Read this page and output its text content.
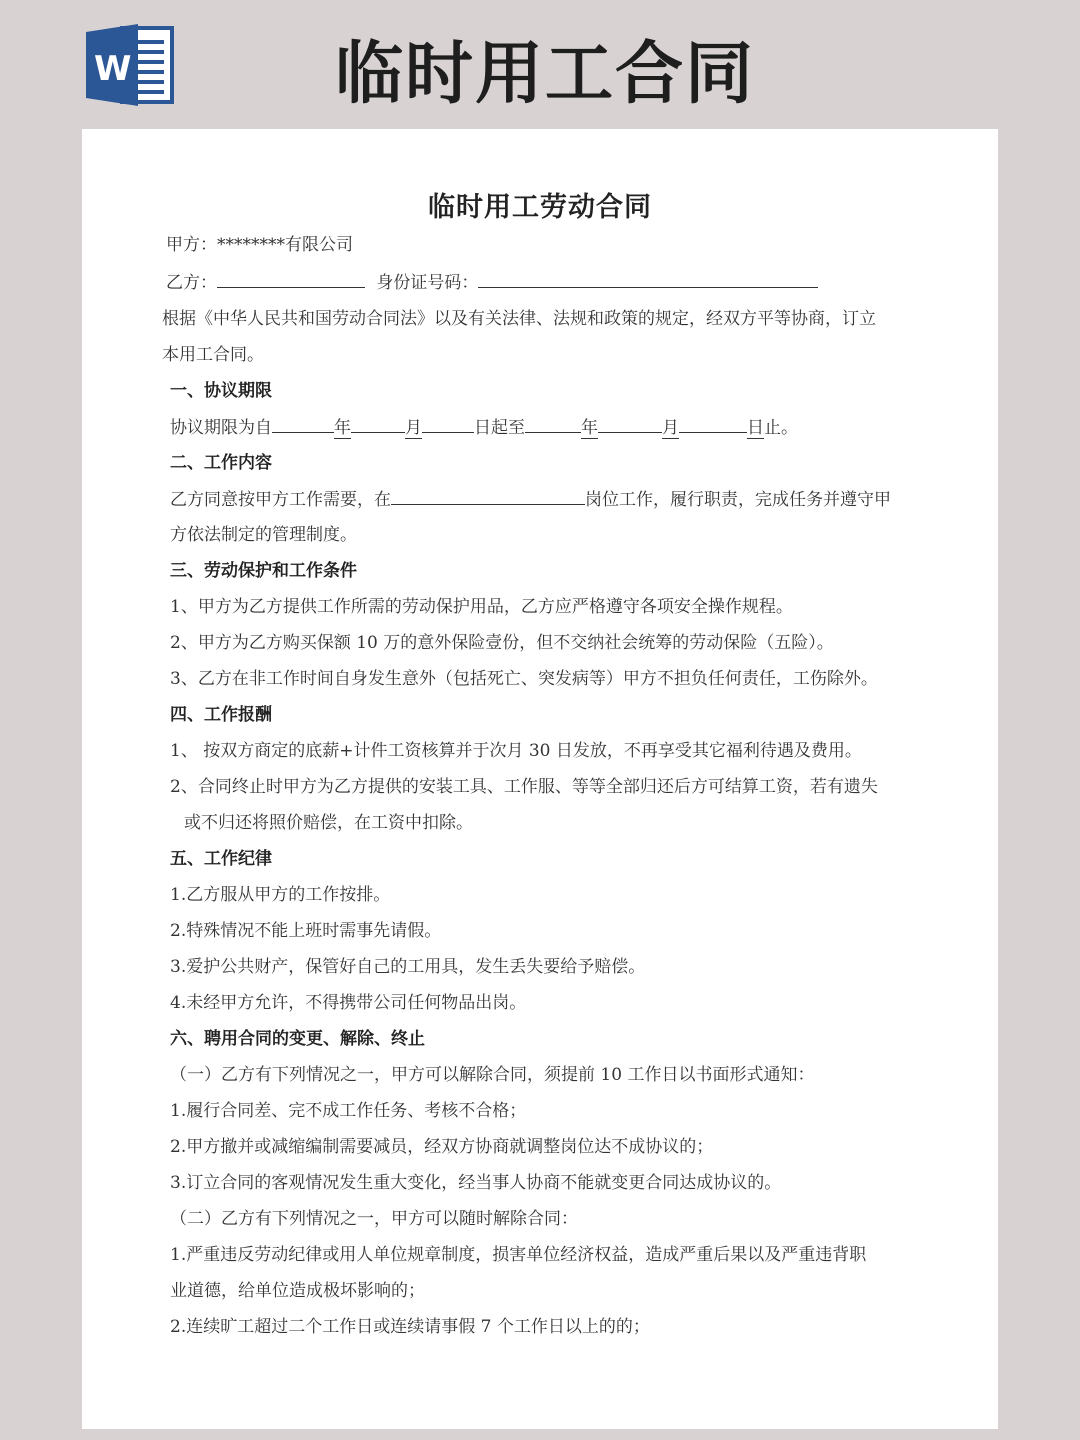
W	临时用工合同
临时用工劳动合同
甲方：********有限公司
乙方：	身份证号码：
根据《中华人民共和国劳动合同法》以及有关法律、法规和政策的规定，经双方平等协商，订立
本用工合同。
一、协议期限
协议期限为自	年	月	日起至	年	月	日止。
二、工作内容
乙方同意按甲方工作需要，在	岗位工作，履行职责，完成任务并遵守甲
方依法制定的管理制度。
三、劳动保护和工作条件
1、甲方为乙方提供工作所需的劳动保护用品，乙方应严格遵守各项安全操作规程。
2、甲方为乙方购买保额 10 万的意外保险壹份，但不交纳社会统筹的劳动保险（五险）。
3、乙方在非工作时间自身发生意外（包括死亡、突发病等）甲方不担负任何责任，工伤除外。
四、工作报酬
1、 按双方商定的底薪+计件工资核算并于次月 30 日发放，不再享受其它福利待遇及费用。
2、合同终止时甲方为乙方提供的安装工具、工作服、等等全部归还后方可结算工资，若有遗失
或不归还将照价赔偿，在工资中扣除。
五、工作纪律
1.乙方服从甲方的工作按排。
2.特殊情况不能上班时需事先请假。
3.爱护公共财产，保管好自己的工用具，发生丢失要给予赔偿。
4.未经甲方允许，不得携带公司任何物品出岗。
六、聘用合同的变更、解除、终止
（一）乙方有下列情况之一，甲方可以解除合同，须提前 10 工作日以书面形式通知：
1.履行合同差、完不成工作任务、考核不合格；
2.甲方撤并或减缩编制需要减员，经双方协商就调整岗位达不成协议的；
3.订立合同的客观情况发生重大变化，经当事人协商不能就变更合同达成协议的。
（二）乙方有下列情况之一，甲方可以随时解除合同：
1.严重违反劳动纪律或用人单位规章制度，损害单位经济权益，造成严重后果以及严重违背职
业道德，给单位造成极坏影响的；
2.连续旷工超过二个工作日或连续请事假 7 个工作日以上的的；
